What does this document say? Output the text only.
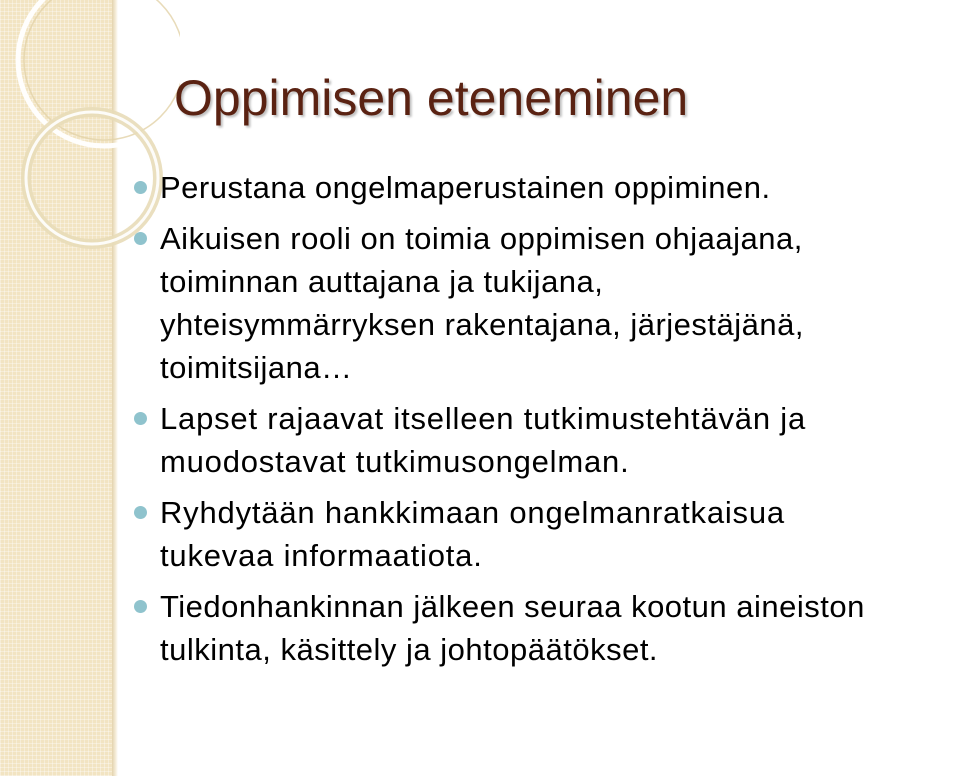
Oppimisen eteneminen
Perustana ongelmaperustainen oppiminen.
Aikuisen rooli on toimia oppimisen ohjaajana,
toiminnan auttajana ja tukijana,
yhteisymmärryksen rakentajana, järjestäjänä,
toimitsijana…
Lapset rajaavat itselleen tutkimustehtävän ja
muodostavat tutkimusongelman.
Ryhdytään hankkimaan ongelmanratkaisua
tukevaa informaatiota.
Tiedonhankinnan jälkeen seuraa kootun aineiston
tulkinta, käsittely ja johtopäätökset.
